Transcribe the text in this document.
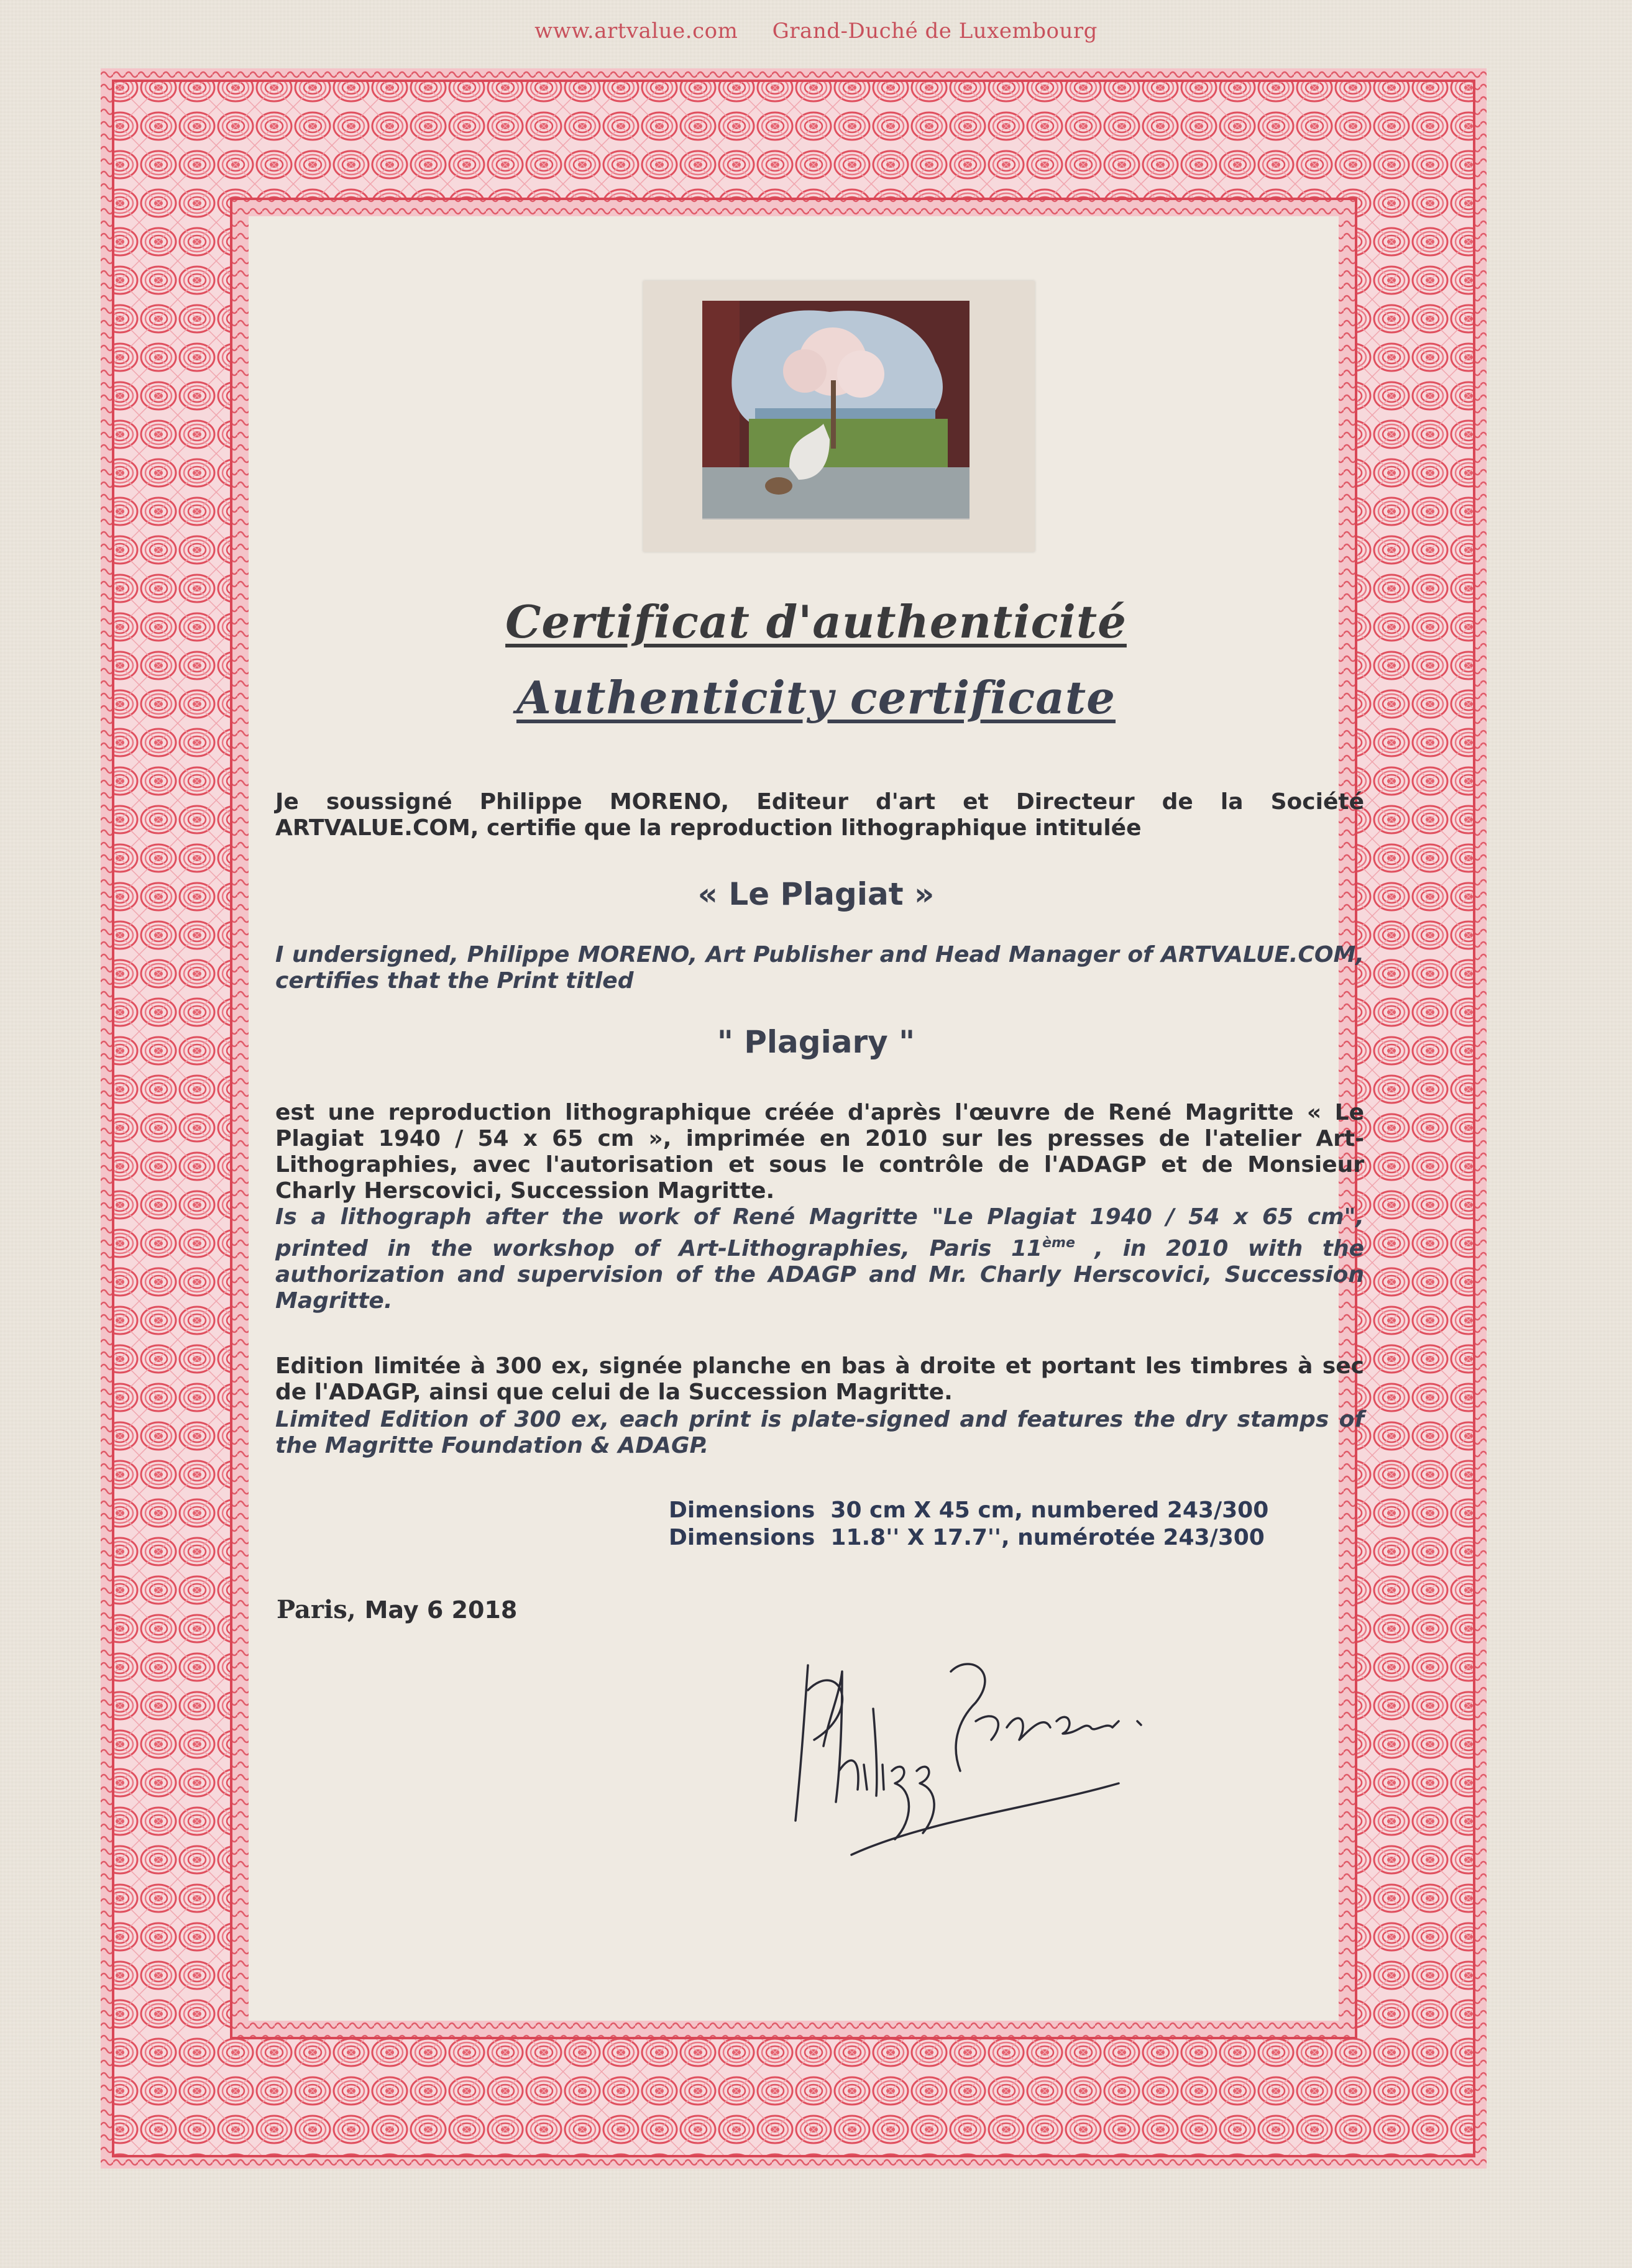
www.artvalue.com Grand-Duché de Luxembourg
Certificat d'authenticité
Authenticity certificate
Je soussigné Philippe MORENO, Editeur d'art et Directeur de la Société
ARTVALUE.COM, certifie que la reproduction lithographique intitulée
« Le Plagiat »
I undersigned, Philippe MORENO, Art Publisher and Head Manager of ARTVALUE.COM,
certifies that the Print titled
" Plagiary "
est une reproduction lithographique créée d'après l'œuvre de René Magritte « Le
Plagiat 1940 / 54 x 65 cm », imprimée en 2010 sur les presses de l'atelier Art-
Lithographies, avec l'autorisation et sous le contrôle de l'ADAGP et de Monsieur
Charly Herscovici, Succession Magritte.
Is a lithograph after the work of René Magritte "Le Plagiat 1940 / 54 x 65 cm",
printed in the workshop of Art-Lithographies, Paris 11ème , in 2010 with the
authorization and supervision of the ADAGP and Mr. Charly Herscovici, Succession
Magritte.
Edition limitée à 300 ex, signée planche en bas à droite et portant les timbres à sec
de l'ADAGP, ainsi que celui de la Succession Magritte.
Limited Edition of 300 ex, each print is plate-signed and features the dry stamps of
the Magritte Foundation & ADAGP.
Dimensions  30 cm X 45 cm, numbered 243/300
Dimensions  11.8'' X 17.7'', numérotée 243/300
Paris, May 6 2018
